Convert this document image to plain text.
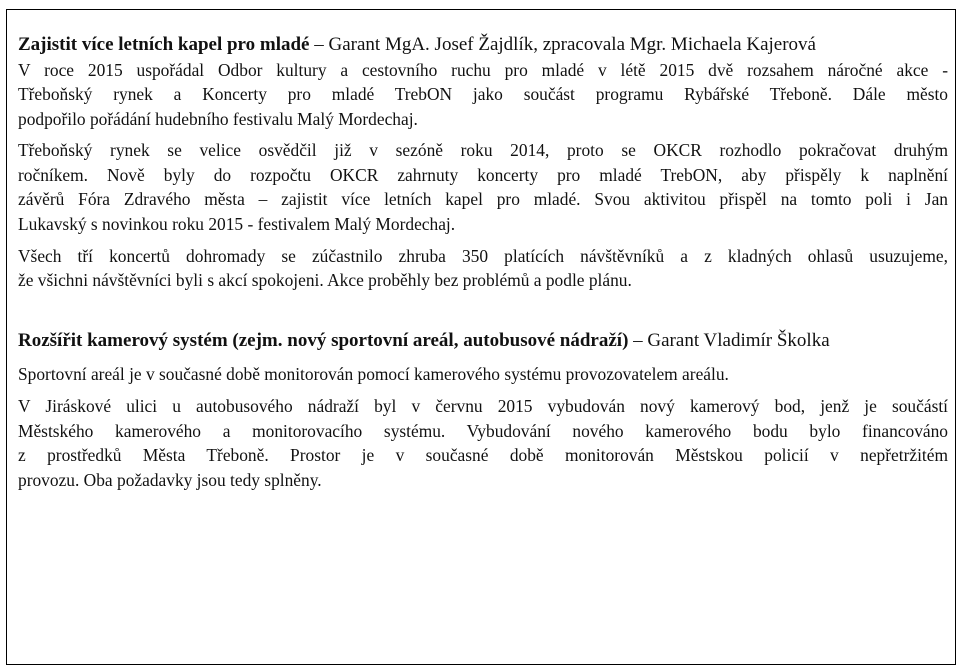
Zajistit více letních kapel pro mladé – Garant MgA. Josef Žajdlík, zpracovala Mgr. Michaela Kajerová

V roce 2015 uspořádal Odbor kultury a cestovního ruchu pro mladé v létě 2015 dvě rozsahem náročné akce -
Třeboňský rynek a Koncerty pro mladé TrebON jako součást programu Rybářské Třeboně. Dále město
podpořilo pořádání hudebního festivalu Malý Mordechaj.
Třeboňský rynek se velice osvědčil již v sezóně roku 2014, proto se OKCR rozhodlo pokračovat druhým
ročníkem. Nově byly do rozpočtu OKCR zahrnuty koncerty pro mladé TrebON, aby přispěly k naplnění
závěrů Fóra Zdravého města – zajistit více letních kapel pro mladé. Svou aktivitou přispěl na tomto poli i Jan
Lukavský s novinkou roku 2015 - festivalem Malý Mordechaj.
Všech tří koncertů dohromady se zúčastnilo zhruba 350 platících návštěvníků a z kladných ohlasů usuzujeme,
že všichni návštěvníci byli s akcí spokojeni. Akce proběhly bez problémů a podle plánu.

Rozšířit kamerový systém (zejm. nový sportovní areál, autobusové nádraží) – Garant Vladimír Školka

Sportovní areál je v současné době monitorován pomocí kamerového systému provozovatelem areálu.
V Jiráskové ulici u autobusového nádraží byl v červnu 2015 vybudován nový kamerový bod, jenž je součástí
Městského kamerového a monitorovacího systému. Vybudování nového kamerového bodu bylo financováno
z prostředků Města Třeboně. Prostor je v současné době monitorován Městskou policií v nepřetržitém
provozu. Oba požadavky jsou tedy splněny.
